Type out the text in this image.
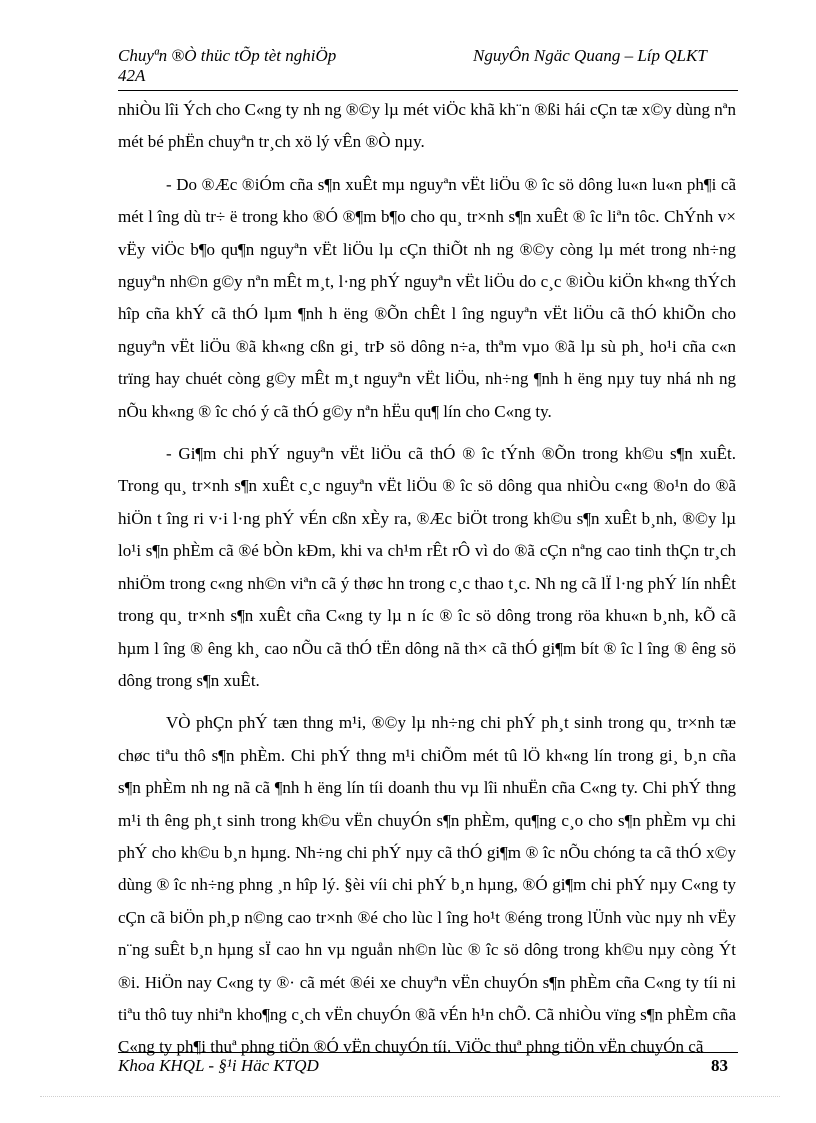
Chuyªn ®Ò thüc tÕp tèt nghiÖp
42A
NguyÔn Ngäc Quang – Líp QLKT

nhiÒu lîi Ých cho C«ng ty nh ng ®©y lµ mét viÖc khã kh¨n ®ßi hái cÇn tæ x©y dùng nªn mét bé phËn chuyªn tr¸ch xö lý vÊn ®Ò nµy.

- Do ®Æc ®iÓm cña s¶n xuÊt mµ nguyªn vËt liÖu ® îc sö dông lu«n lu«n ph¶i cã mét l îng dù tr÷ ë trong kho ®Ó ®¶m b¶o cho qu¸ tr×nh s¶n xuÊt ® îc liªn tôc. ChÝnh v× vËy viÖc b¶o qu¶n nguyªn vËt liÖu lµ cÇn thiÕt nh ng ®©y còng lµ mét trong nh÷ng nguyªn nh©n g©y nªn mÊt m¸t, l·ng phÝ nguyªn vËt liÖu do c¸c ®iÒu kiÖn kh«ng thÝch hîp cña khÝ cã thÓ lµm ¶nh h ëng ®Õn chÊt l îng nguyªn vËt liÖu cã thÓ khiÕn cho nguyªn vËt liÖu ®ã kh«ng cßn gi¸ trÞ sö dông n÷a, thªm vµo ®ã lµ sù ph¸ ho¹i cña c«n trïng hay chuét còng g©y mÊt m¸t nguyªn vËt liÖu, nh÷ng ¶nh h ëng nµy tuy nhá nh ng nÕu kh«ng ® îc chó ý cã thÓ g©y nªn hËu qu¶ lín cho C«ng ty.

- Gi¶m chi phÝ nguyªn vËt liÖu cã thÓ ® îc tÝnh ®Õn trong kh©u s¶n xuÊt. Trong qu¸ tr×nh s¶n xuÊt c¸c nguyªn vËt liÖu ® îc sö dông qua nhiÒu c«ng ®o¹n do ®ã hiÖn t îng ri v·i l·ng phÝ vÉn cßn xÈy ra, ®Æc biÖt trong kh©u s¶n xuÊt b¸nh, ®©y lµ lo¹i s¶n phÈm cã ®é bÒn kÐm, khi va ch¹m rÊt rÔ vì do ®ã cÇn nªng cao tinh thÇn tr¸ch nhiÖm trong c«ng nh©n viªn cã ý thøc hn trong c¸c thao t¸c. Nh ng cã lÏ l·ng phÝ lín nhÊt trong qu¸ tr×nh s¶n xuÊt cña C«ng ty lµ n íc ® îc sö dông trong röa khu«n b¸nh, kÕ cã hµm l îng ® êng kh¸ cao nÕu cã thÓ tËn dông nã th× cã thÓ gi¶m bít ® îc l îng ® êng sö dông trong s¶n xuÊt.

VÒ phÇn phÝ tæn thng m¹i, ®©y lµ nh÷ng chi phÝ ph¸t sinh trong qu¸ tr×nh tæ chøc tiªu thô s¶n phÈm. Chi phÝ thng m¹i chiÕm mét tû lÖ kh«ng lín trong gi¸ b¸n cña s¶n phÈm nh ng nã cã ¶nh h ëng lín tíi doanh thu vµ lîi nhuËn cña C«ng ty. Chi phÝ thng m¹i th êng ph¸t sinh trong kh©u vËn chuyÓn s¶n phÈm, qu¶ng c¸o cho s¶n phÈm vµ chi phÝ cho kh©u b¸n hµng. Nh÷ng chi phÝ nµy cã thÓ gi¶m ® îc nÕu chóng ta cã thÓ x©y dùng ® îc nh÷ng phng ¸n hîp lý. §èi víi chi phÝ b¸n hµng, ®Ó gi¶m chi phÝ nµy C«ng ty cÇn cã biÖn ph¸p n©ng cao tr×nh ®é cho lùc l îng ho¹t ®éng trong lÜnh vùc nµy nh vËy n¨ng suÊt b¸n hµng sÏ cao hn vµ nguån nh©n lùc ® îc sö dông trong kh©u nµy còng Ýt ®i. HiÖn nay C«ng ty ®· cã mét ®éi xe chuyªn vËn chuyÓn s¶n phÈm cña C«ng ty tíi ni tiªu thô tuy nhiªn kho¶ng c¸ch vËn chuyÓn ®ã vÉn h¹n chÕ. Cã nhiÒu vïng s¶n phÈm cña C«ng ty ph¶i thuª phng tiÖn ®Ó vËn chuyÓn tíi. ViÖc thuª phng tiÖn vËn chuyÓn cã

Khoa KHQL - §¹i Häc KTQD	83
